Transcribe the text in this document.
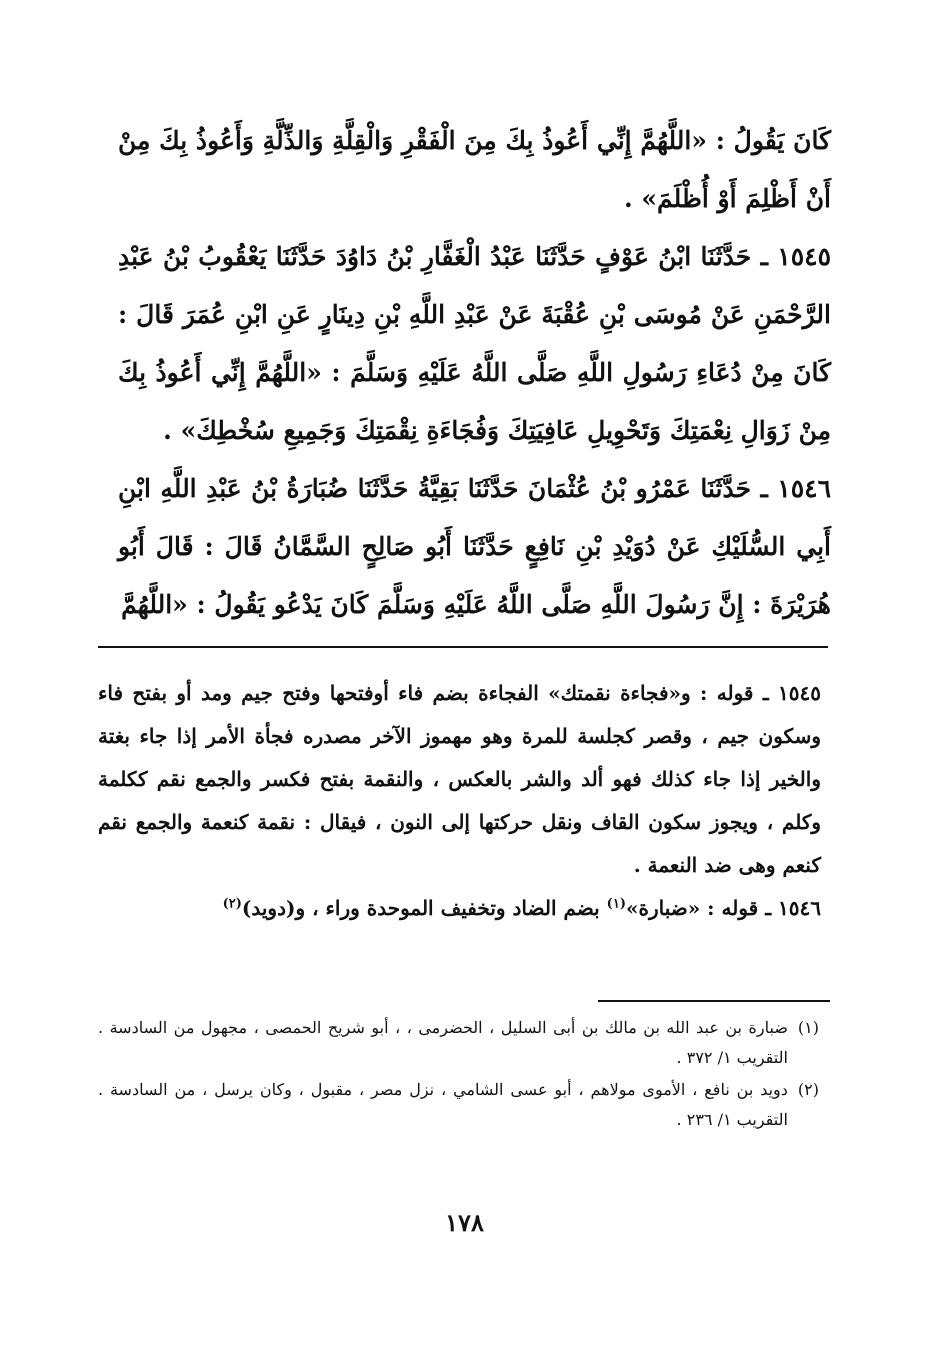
كَانَ يَقُولُ : «اللَّهُمَّ إِنِّي أَعُوذُ بِكَ مِنَ الْفَقْرِ وَالْقِلَّةِ وَالذِّلَّةِ وَأَعُوذُ بِكَ مِنْ أَنْ أَظْلِمَ أَوْ أُظْلَمَ» .

١٥٤٥ ـ حَدَّثَنَا ابْنُ عَوْفٍ حَدَّثَنَا عَبْدُ الْغَفَّارِ بْنُ دَاوُدَ حَدَّثَنَا يَعْقُوبُ بْنُ عَبْدِ الرَّحْمَنِ عَنْ مُوسَى بْنِ عُقْبَةَ عَنْ عَبْدِ اللَّهِ بْنِ دِينَارٍ عَنِ ابْنِ عُمَرَ قَالَ : كَانَ مِنْ دُعَاءِ رَسُولِ اللَّهِ صَلَّى اللَّهُ عَلَيْهِ وَسَلَّمَ : «اللَّهُمَّ إِنِّي أَعُوذُ بِكَ مِنْ زَوَالِ نِعْمَتِكَ وَتَحْوِيلِ عَافِيَتِكَ وَفُجَاءَةِ نِقْمَتِكَ وَجَمِيعِ سُخْطِكَ» .

١٥٤٦ ـ حَدَّثَنَا عَمْرُو بْنُ عُثْمَانَ حَدَّثَنَا بَقِيَّةُ حَدَّثَنَا ضُبَارَةُ بْنُ عَبْدِ اللَّهِ ابْنِ أَبِي السُّلَيْكِ عَنْ دُوَيْدِ بْنِ نَافِعٍ حَدَّثَنَا أَبُو صَالِحٍ السَّمَّانُ قَالَ : قَالَ أَبُو هُرَيْرَةَ : إِنَّ رَسُولَ اللَّهِ صَلَّى اللَّهُ عَلَيْهِ وَسَلَّمَ كَانَ يَدْعُو يَقُولُ : «اللَّهُمَّ

١٥٤٥ ـ قوله : و«فجاءة نقمتك» الفجاءة بضم فاء أوفتحها وفتح جيم ومد أو بفتح فاء وسكون جيم ، وقصر كجلسة للمرة وهو مهموز الآخر مصدره فجأة الأمر إذا جاء بغتة والخير إذا جاء كذلك فهو ألد والشر بالعكس ، والنقمة بفتح فكسر والجمع نقم ككلمة وكلم ، ويجوز سكون القاف ونقل حركتها إلى النون ، فيقال : نقمة كنعمة والجمع نقم كنعم وهى ضد النعمة .

١٥٤٦ ـ قوله : «ضبارة»$^{(١)}$ بضم الضاد وتخفيف الموحدة وراء ، و(دويد)$^{(٢)}$

(١)
ضبارة بن عبد الله بن مالك بن أبى السليل ، الحضرمى ، ، أبو شريح الحمصى ، مجهول من السادسة . التقريب ١/ ٣٧٢ .
(٢)
دويد بن نافع ، الأموى مولاهم ، أبو عسى الشامي ، نزل مصر ، مقبول ، وكان يرسل ، من السادسة . التقريب ١/ ٢٣٦ .
١٧٨
